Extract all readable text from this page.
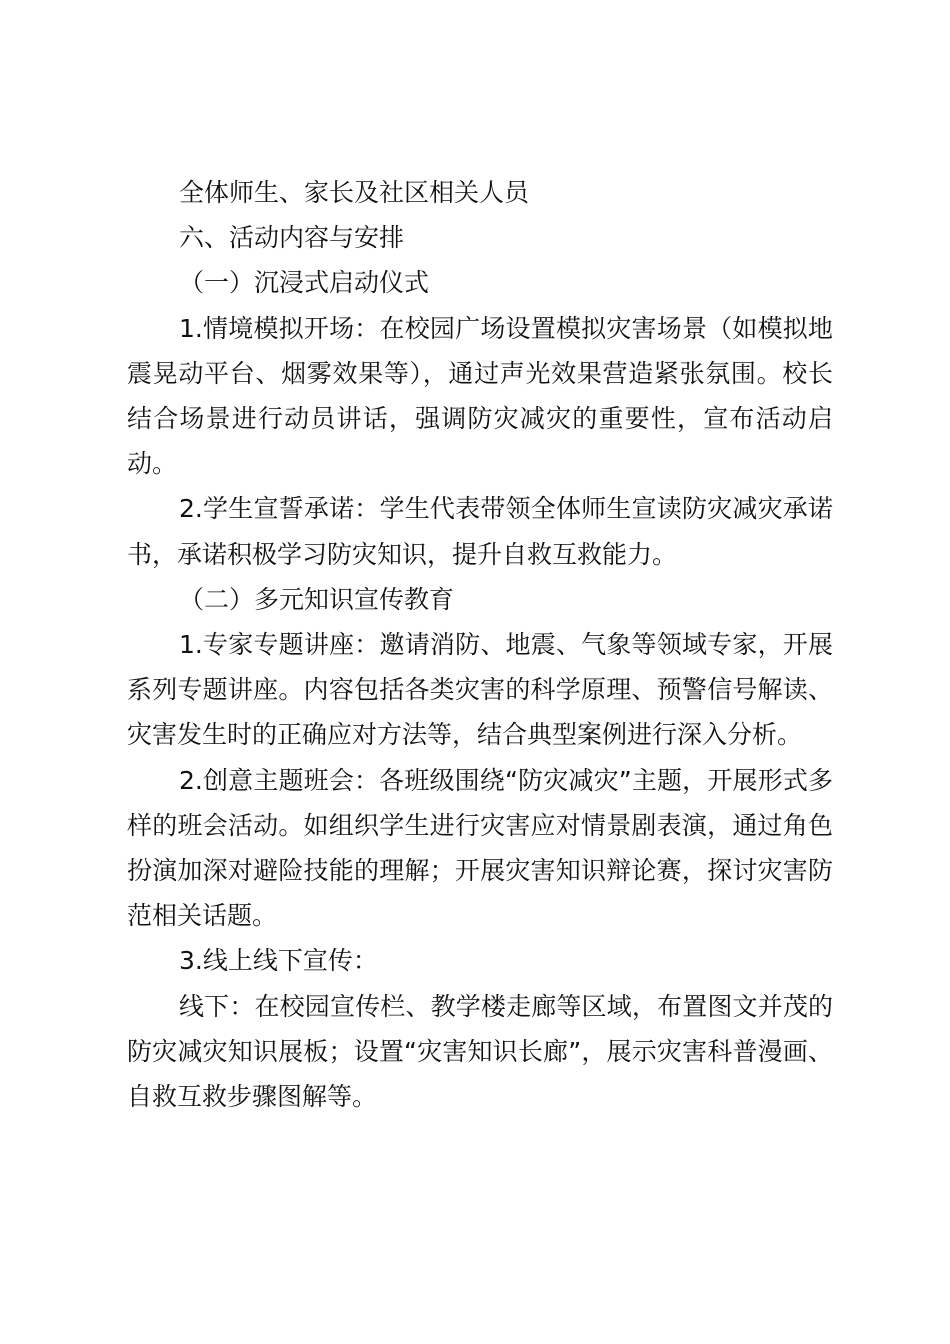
全体师生、家长及社区相关人员

六、活动内容与安排

（一）沉浸式启动仪式

1.情境模拟开场：在校园广场设置模拟灾害场景（如模拟地震晃动平台、烟雾效果等），通过声光效果营造紧张氛围。校长结合场景进行动员讲话，强调防灾减灾的重要性，宣布活动启动。

2.学生宣誓承诺：学生代表带领全体师生宣读防灾减灾承诺书，承诺积极学习防灾知识，提升自救互救能力。

（二）多元知识宣传教育

1.专家专题讲座：邀请消防、地震、气象等领域专家，开展系列专题讲座。内容包括各类灾害的科学原理、预警信号解读、灾害发生时的正确应对方法等，结合典型案例进行深入分析。

2.创意主题班会：各班级围绕“防灾减灾”主题，开展形式多样的班会活动。如组织学生进行灾害应对情景剧表演，通过角色扮演加深对避险技能的理解；开展灾害知识辩论赛，探讨灾害防范相关话题。

3.线上线下宣传：

线下：在校园宣传栏、教学楼走廊等区域，布置图文并茂的防灾减灾知识展板；设置“灾害知识长廊”，展示灾害科普漫画、自救互救步骤图解等。
